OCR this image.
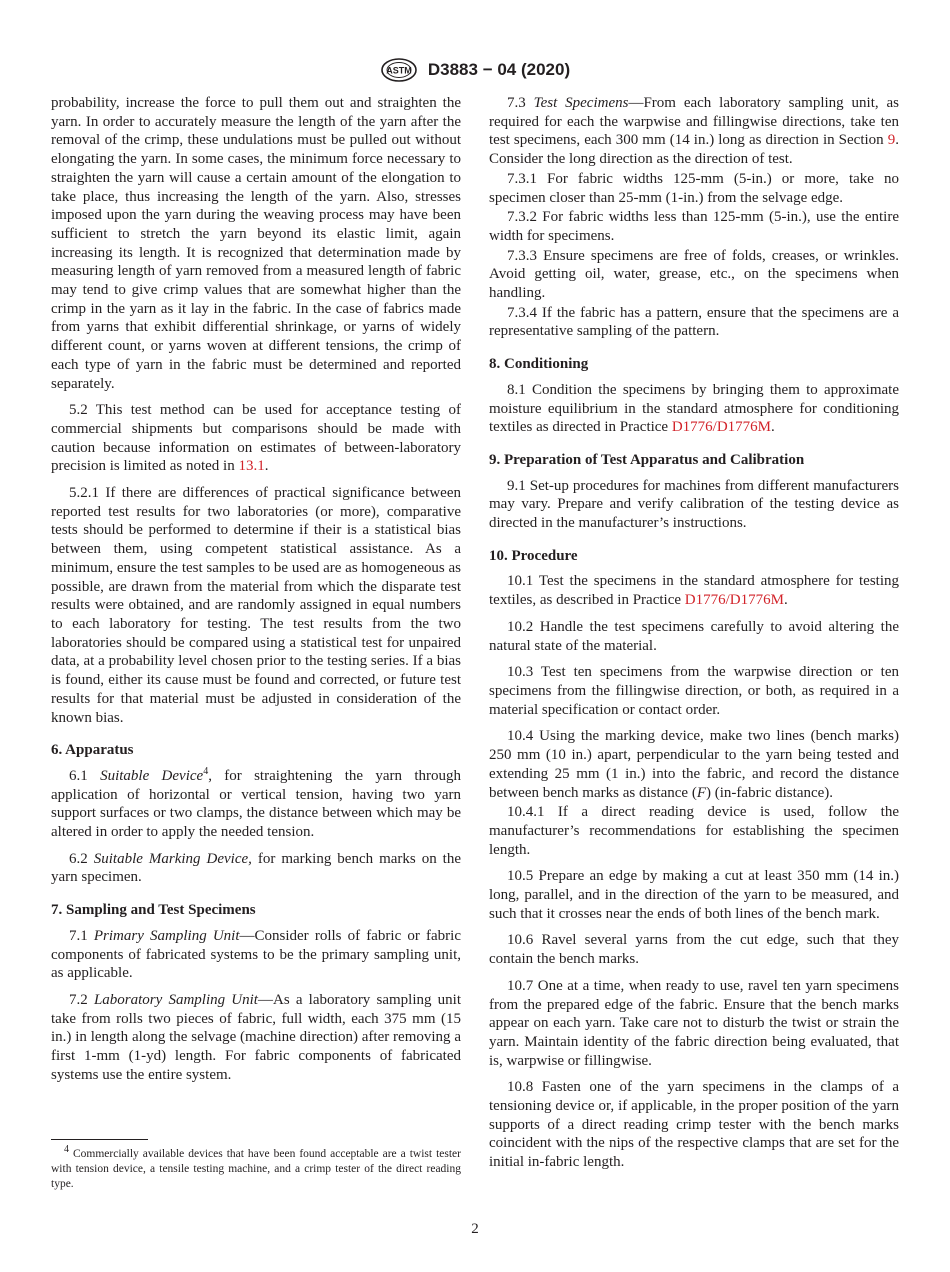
ASTM D3883 − 04 (2020)

probability, increase the force to pull them out and straighten the yarn. In order to accurately measure the length of the yarn after the removal of the crimp, these undulations must be pulled out without elongating the yarn. In some cases, the minimum force necessary to straighten the yarn will cause a certain amount of the elongation to take place, thus increasing the length of the yarn. Also, stresses imposed upon the yarn during the weaving process may have been sufficient to stretch the yarn beyond its elastic limit, again increasing its length. It is recognized that determination made by measuring length of yarn removed from a measured length of fabric may tend to give crimp values that are somewhat higher than the crimp in the yarn as it lay in the fabric. In the case of fabrics made from yarns that exhibit differential shrinkage, or yarns of widely different count, or yarns woven at different tensions, the crimp of each type of yarn in the fabric must be determined and reported separately.

5.2 This test method can be used for acceptance testing of commercial shipments but comparisons should be made with caution because information on estimates of between-laboratory precision is limited as noted in 13.1.

5.2.1 If there are differences of practical significance between reported test results for two laboratories (or more), comparative tests should be performed to determine if their is a statistical bias between them, using competent statistical assistance. As a minimum, ensure the test samples to be used are as homogeneous as possible, are drawn from the material from which the disparate test results were obtained, and are randomly assigned in equal numbers to each laboratory for testing. The test results from the two laboratories should be compared using a statistical test for unpaired data, at a probability level chosen prior to the testing series. If a bias is found, either its cause must be found and corrected, or future test results for that material must be adjusted in consideration of the known bias.

6. Apparatus

6.1 Suitable Device$^4$, for straightening the yarn through application of horizontal or vertical tension, having two yarn support surfaces or two clamps, the distance between which may be altered in order to apply the needed tension.

6.2 Suitable Marking Device, for marking bench marks on the yarn specimen.

7. Sampling and Test Specimens

7.1 Primary Sampling Unit—Consider rolls of fabric or fabric components of fabricated systems to be the primary sampling unit, as applicable.

7.2 Laboratory Sampling Unit—As a laboratory sampling unit take from rolls two pieces of fabric, full width, each 375 mm (15 in.) in length along the selvage (machine direction) after removing a first 1-mm (1-yd) length. For fabric components of fabricated systems use the entire system.

7.3 Test Specimens—From each laboratory sampling unit, as required for each the warpwise and fillingwise directions, take ten test specimens, each 300 mm (14 in.) long as direction in Section 9. Consider the long direction as the direction of test.

7.3.1 For fabric widths 125-mm (5-in.) or more, take no specimen closer than 25-mm (1-in.) from the selvage edge.

7.3.2 For fabric widths less than 125-mm (5-in.), use the entire width for specimens.

7.3.3 Ensure specimens are free of folds, creases, or wrinkles. Avoid getting oil, water, grease, etc., on the specimens when handling.

7.3.4 If the fabric has a pattern, ensure that the specimens are a representative sampling of the pattern.

8. Conditioning

8.1 Condition the specimens by bringing them to approximate moisture equilibrium in the standard atmosphere for conditioning textiles as directed in Practice D1776/D1776M.

9. Preparation of Test Apparatus and Calibration

9.1 Set-up procedures for machines from different manufacturers may vary. Prepare and verify calibration of the testing device as directed in the manufacturer’s instructions.

10. Procedure

10.1 Test the specimens in the standard atmosphere for testing textiles, as described in Practice D1776/D1776M.

10.2 Handle the test specimens carefully to avoid altering the natural state of the material.

10.3 Test ten specimens from the warpwise direction or ten specimens from the fillingwise direction, or both, as required in a material specification or contact order.

10.4 Using the marking device, make two lines (bench marks) 250 mm (10 in.) apart, perpendicular to the yarn being tested and extending 25 mm (1 in.) into the fabric, and record the distance between bench marks as distance (F) (in-fabric distance).

10.4.1 If a direct reading device is used, follow the manufacturer’s recommendations for establishing the specimen length.

10.5 Prepare an edge by making a cut at least 350 mm (14 in.) long, parallel, and in the direction of the yarn to be measured, and such that it crosses near the ends of both lines of the bench mark.

10.6 Ravel several yarns from the cut edge, such that they contain the bench marks.

10.7 One at a time, when ready to use, ravel ten yarn specimens from the prepared edge of the fabric. Ensure that the bench marks appear on each yarn. Take care not to disturb the twist or strain the yarn. Maintain identity of the fabric direction being evaluated, that is, warpwise or fillingwise.

10.8 Fasten one of the yarn specimens in the clamps of a tensioning device or, if applicable, in the proper position of the yarn supports of a direct reading crimp tester with the bench marks coincident with the nips of the respective clamps that are set for the initial in-fabric length.

$^4$ Commercially available devices that have been found acceptable are a twist tester with tension device, a tensile testing machine, and a crimp tester of the direct reading type.
2
